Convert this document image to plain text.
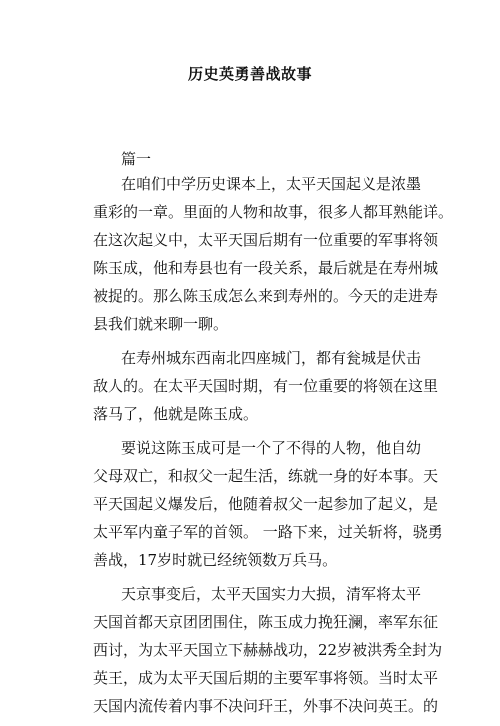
历史英勇善战故事
篇一

在咱们中学历史课本上，太平天国起义是浓墨
重彩的一章。里面的人物和故事，很多人都耳熟能详。
在这次起义中，太平天国后期有一位重要的军事将领
陈玉成，他和寿县也有一段关系，最后就是在寿州城
被捉的。那么陈玉成怎么来到寿州的。今天的走进寿
县我们就来聊一聊。

在寿州城东西南北四座城门，都有瓮城是伏击
敌人的。在太平天国时期，有一位重要的将领在这里
落马了，他就是陈玉成。

要说这陈玉成可是一个了不得的人物，他自幼
父母双亡，和叔父一起生活，练就一身的好本事。天
平天国起义爆发后，他随着叔父一起参加了起义，是
太平军内童子军的首领。 一路下来，过关斩将，骁勇
善战，17岁时就已经统领数万兵马。

天京事变后，太平天国实力大损，清军将太平
天国首都天京团团围住，陈玉成力挽狂澜，率军东征
西讨，为太平天国立下赫赫战功，22岁被洪秀全封为
英王，成为太平天国后期的主要军事将领。当时太平
天国内流传着内事不决问玕王，外事不决问英王。的
